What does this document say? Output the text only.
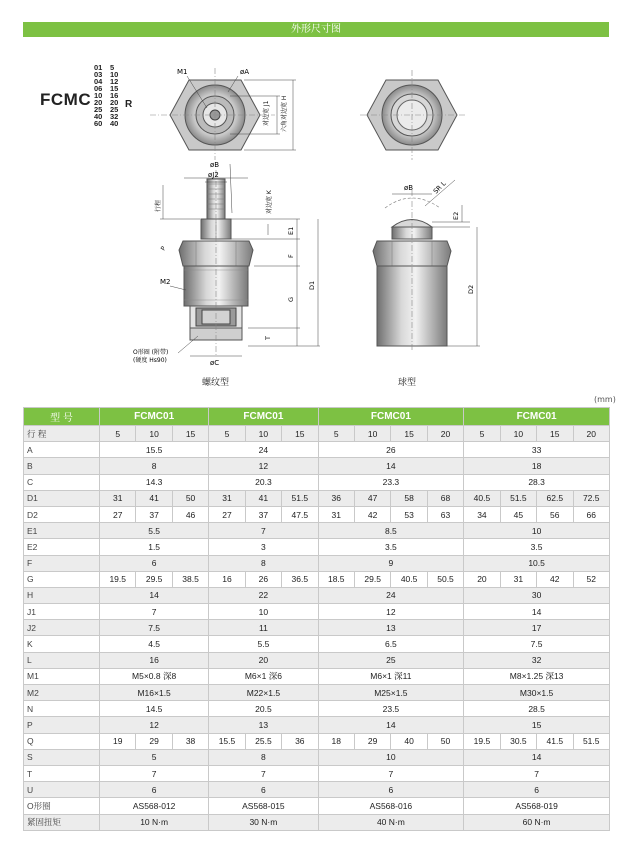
外形尺寸图
FCMC
01 5
03 10
04 12
06 15
10 16
20 20
25 25
40 32
60 40
R
M1	øA
对边宽 J1 六角对边宽 H
øB
øJ2
对边宽 K
行程
E1
F
D1
G
T
M2
P
O形圈 (附带)
(硬度 Hs90)	øC
øB	SR L
E2
D2
螺纹型	球型
(mm)
型 号	FCMC01			FCMC01			FCMC01				FCMC01			
行 程	5	10	15	5	10	15	5	10	15	20	5	10	15	20
A	15.5			24			26				33			
B	8			12			14				18			
C	14.3			20.3			23.3				28.3			
D1	31	41	50	31	41	51.5	36	47	58	68	40.5	51.5	62.5	72.5
D2	27	37	46	27	37	47.5	31	42	53	63	34	45	56	66
E1	5.5			7			8.5				10			
E2	1.5			3			3.5				3.5			
F	6			8			9				10.5			
G	19.5	29.5	38.5	16	26	36.5	18.5	29.5	40.5	50.5	20	31	42	52
H	14			22			24				30			
J1	7			10			12				14			
J2	7.5			11			13				17			
K	4.5			5.5			6.5				7.5			
L	16			20			25				32			
M1	M5×0.8 深8			M6×1 深6			M6×1 深11				M8×1.25 深13			
M2	M16×1.5			M22×1.5			M25×1.5				M30×1.5			
N	14.5			20.5			23.5				28.5			
P	12			13			14				15			
Q	19	29	38	15.5	25.5	36	18	29	40	50	19.5	30.5	41.5	51.5
S	5			8			10				14			
T	7			7			7				7			
U	6			6			6				6			
O形圈	AS568-012			AS568-015			AS568-016				AS568-019			
紧固扭矩	10 N·m			30 N·m			40 N·m				60 N·m			
